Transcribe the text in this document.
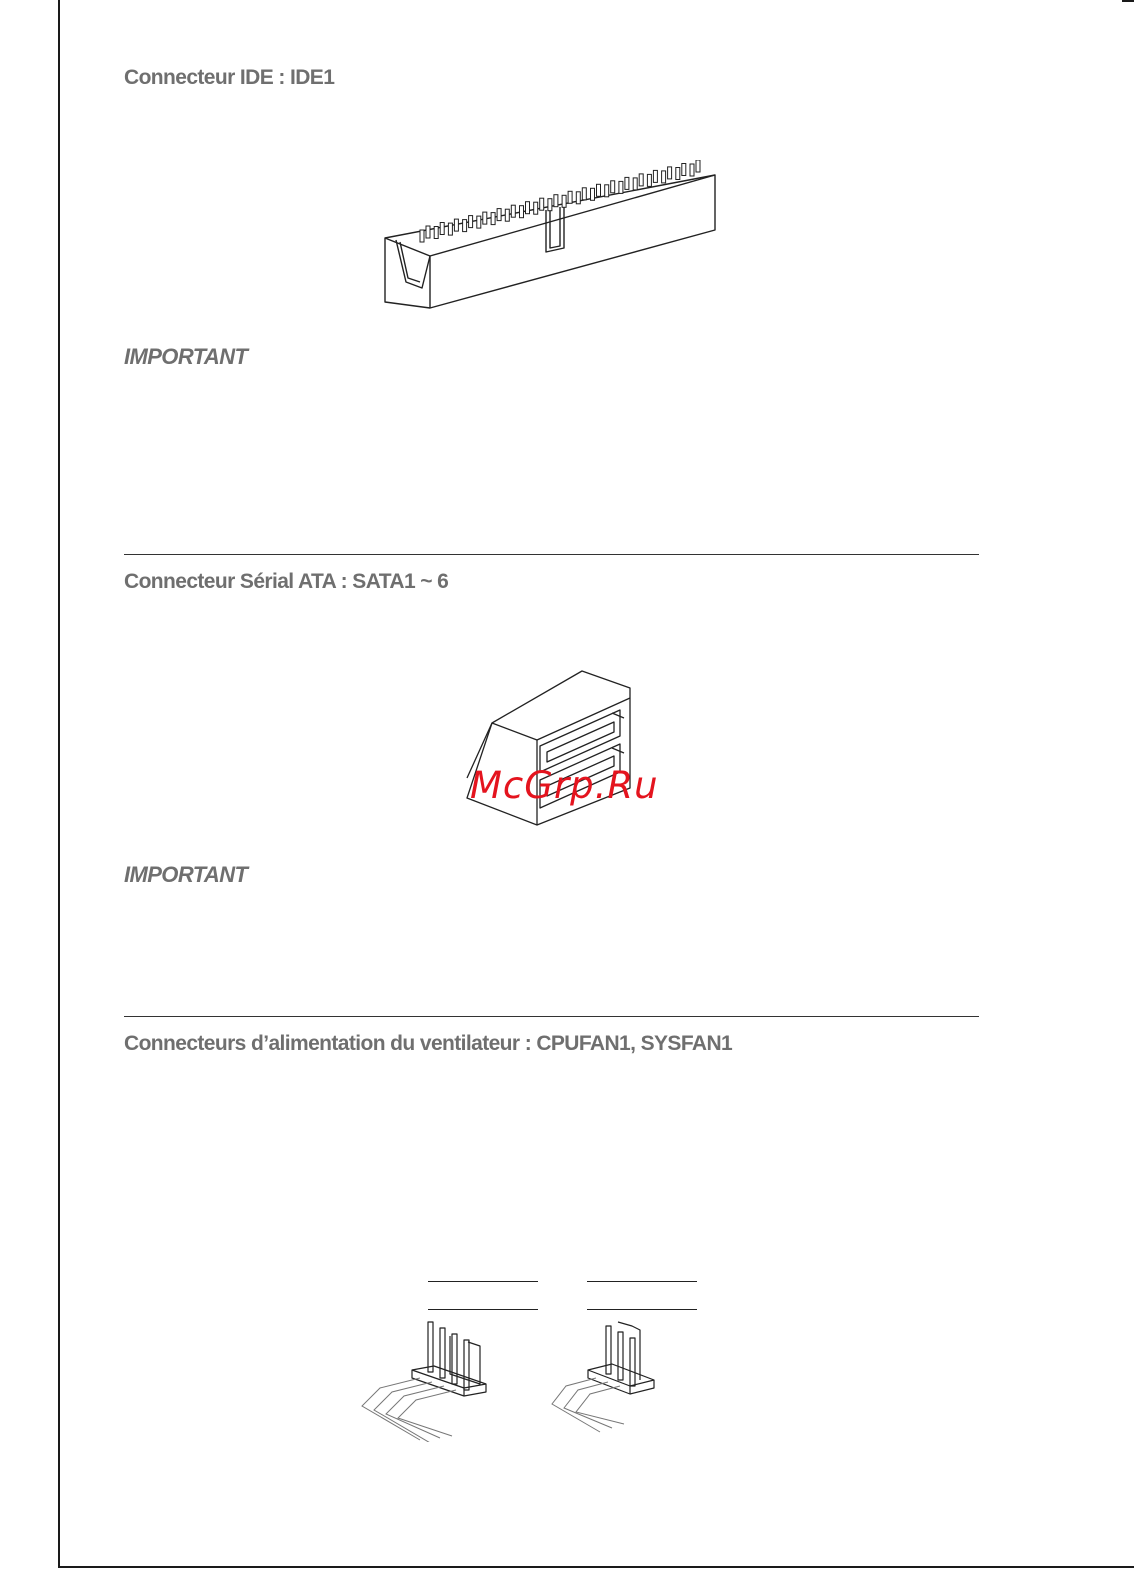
Connecteur IDE : IDE1
IMPORTANT
Connecteur Sérial ATA : SATA1 ~ 6
McGrp.Ru
IMPORTANT
Connecteurs d’alimentation du ventilateur : CPUFAN1, SYSFAN1
